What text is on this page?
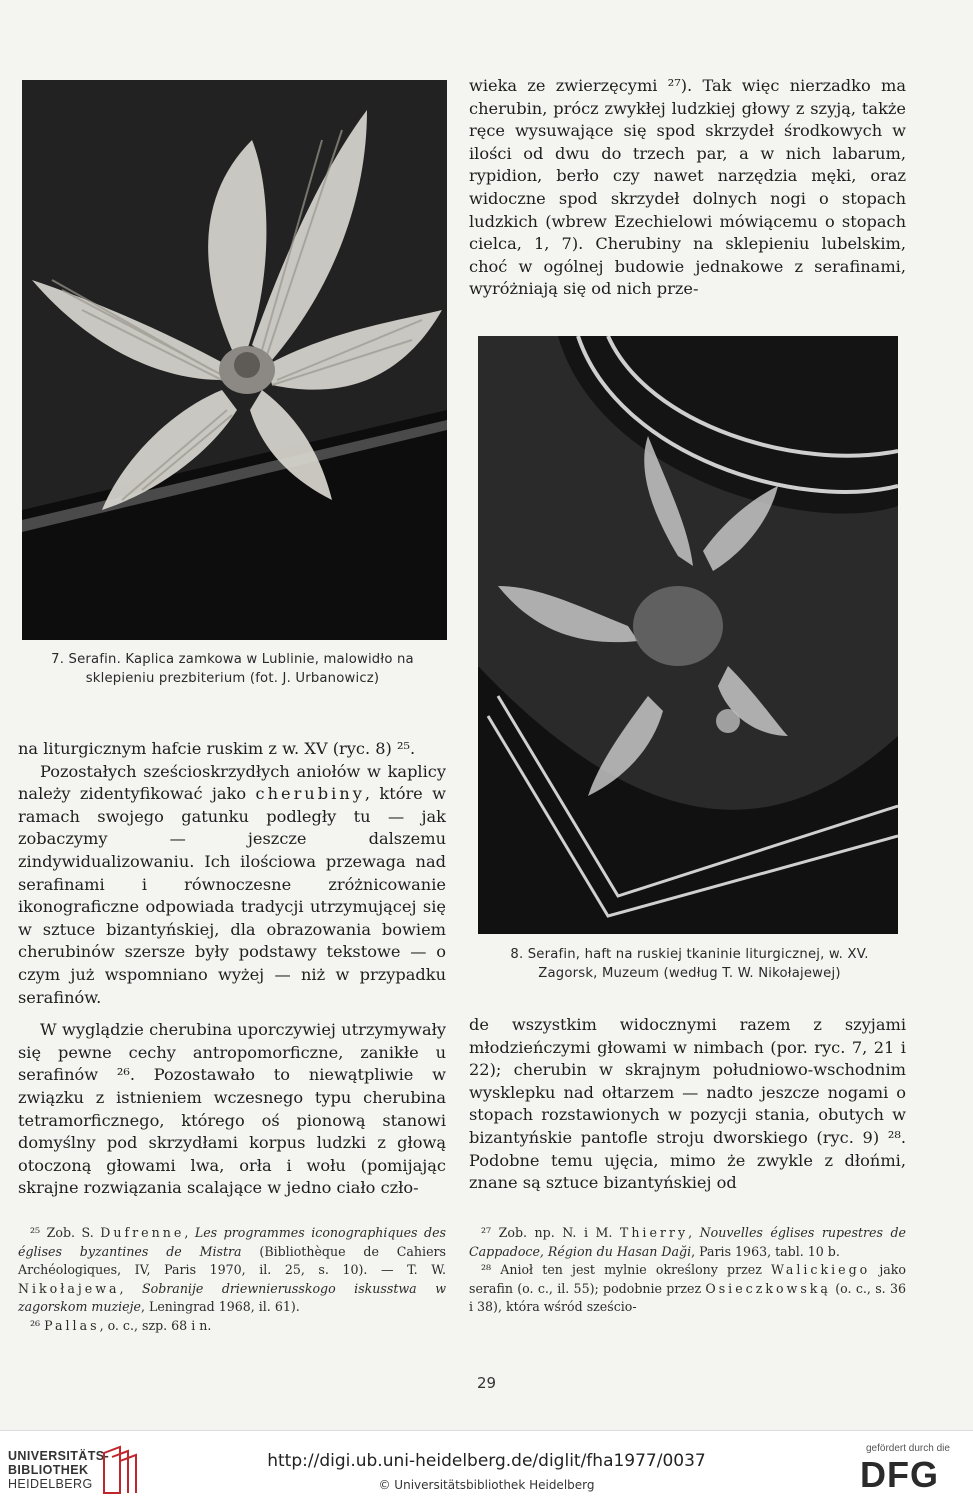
7. Serafin. Kaplica zamkowa w Lublinie, malowidło na
sklepieniu prezbiterium (fot. J. Urbanowicz)

wieka ze zwierzęcymi ²⁷). Tak więc nierzadko ma cherubin, prócz zwykłej ludzkiej głowy z szyją, także ręce wysuwające się spod skrzydeł środkowych w ilości od dwu do trzech par, a w nich labarum, rypidion, berło czy nawet narzędzia męki, oraz widoczne spod skrzydeł dolnych nogi o stopach ludzkich (wbrew Ezechielowi mówiącemu o stopach cielca, 1, 7). Cherubiny na sklepieniu lubelskim, choć w ogólnej budowie jednakowe z serafinami, wyróżniają się od nich prze-

8. Serafin, haft na ruskiej tkaninie liturgicznej, w. XV.
Zagorsk, Muzeum (według T. W. Nikołajewej)

na liturgicznym hafcie ruskim z w. XV (ryc. 8) ²⁵.

Pozostałych sześcioskrzydłych aniołów w kaplicy należy zidentyfikować jako cherubiny, które w ramach swojego gatunku podległy tu — jak zobaczymy — jeszcze dalszemu zindywidualizowaniu. Ich ilościowa przewaga nad serafinami i równoczesne zróżnicowanie ikonograficzne odpowiada tradycji utrzymującej się w sztuce bizantyńskiej, dla obrazowania bowiem cherubinów szersze były podstawy tekstowe — o czym już wspomniano wyżej — niż w przypadku serafinów.

W wyglądzie cherubina uporczywiej utrzymywały się pewne cechy antropomorficzne, zanikłe u serafinów ²⁶. Pozostawało to niewątpliwie w związku z istnieniem wczesnego typu cherubina tetramorficznego, którego oś pionową stanowi domyślny pod skrzydłami korpus ludzki z głową otoczoną głowami lwa, orła i wołu (pomijając skrajne rozwiązania scalające w jedno ciało czło-

de wszystkim widocznymi razem z szyjami młodzieńczymi głowami w nimbach (por. ryc. 7, 21 i 22); cherubin w skrajnym południowo-wschodnim wysklepku nad ołtarzem — nadto jeszcze nogami o stopach rozstawionych w pozycji stania, obutych w bizantyńskie pantofle stroju dworskiego (ryc. 9) ²⁸. Podobne temu ujęcia, mimo że zwykle z dłońmi, znane są sztuce bizantyńskiej od

²⁵ Zob. S. Dufrenne, Les programmes iconographiques des églises byzantines de Mistra (Bibliothèque de Cahiers Archéologiques, IV, Paris 1970, il. 25, s. 10). — T. W. Nikołajewa, Sobranije driewnierusskogo iskusstwa w zagorskom muzieje, Leningrad 1968, il. 61).

²⁶ Pallas, o. c., szp. 68 i n.

²⁷ Zob. np. N. i M. Thierry, Nouvelles églises rupestres de Cappadoce, Région du Hasan Daği, Paris 1963, tabl. 10 b.

²⁸ Anioł ten jest mylnie określony przez Walickiego jako serafin (o. c., il. 55); podobnie przez Osieczkowską (o. c., s. 36 i 38), która wśród sześcio-

29
UNIVERSITÄTS-
BIBLIOTHEK
HEIDELBERG
http://digi.ub.uni-heidelberg.de/diglit/fha1977/0037
© Universitätsbibliothek Heidelberg
gefördert durch die
DFG
